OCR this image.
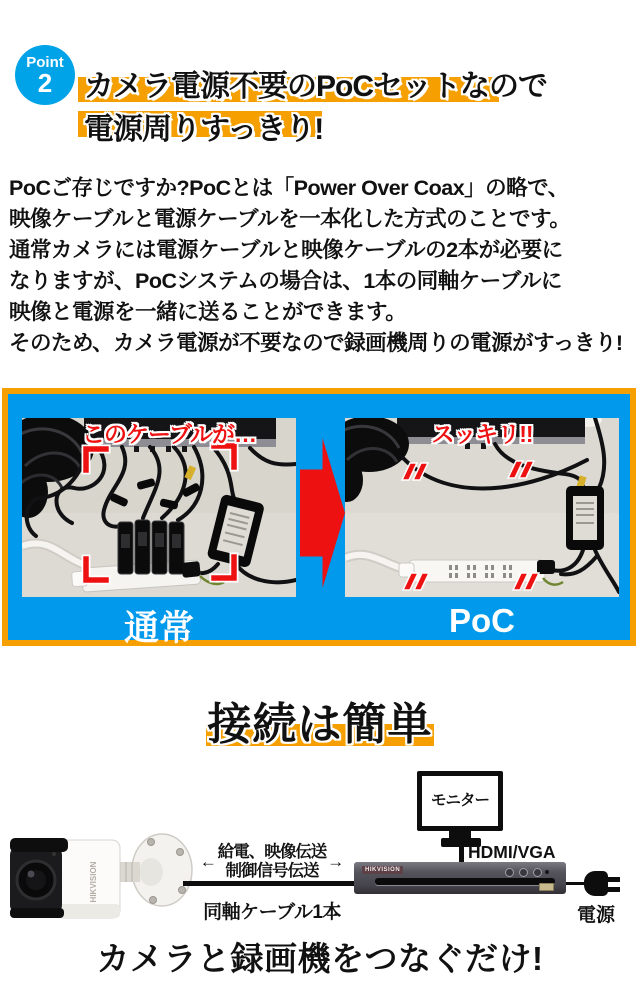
Point
2	カメラ電源不要のPoCセットなので
電源周りすっきり!
PoCご存じですか?PoCとは「Power Over Coax」の略で、
映像ケーブルと電源ケーブルを一本化した方式のことです。
通常カメラには電源ケーブルと映像ケーブルの2本が必要に
なりますが、PoCシステムの場合は、1本の同軸ケーブルに
映像と電源を一緒に送ることができます。
そのため、カメラ電源が不要なので録画機周りの電源がすっきり!
このケーブルが…	スッキリ!!
通常	PoC
接続は簡単
HIKVISION
← 給電、映像伝送
制御信号伝送 →
同軸ケーブル1本
モニター
HDMI/VGA
HIKVISION
電源
カメラと録画機をつなぐだけ!
